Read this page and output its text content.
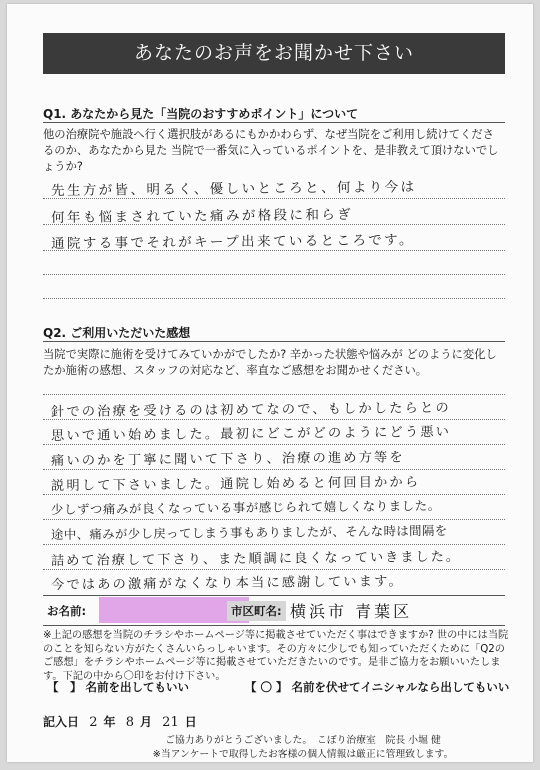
あなたのお声をお聞かせ下さい
Q1. あなたから見た「当院のおすすめポイント」について
他の治療院や施設へ行く選択肢があるにもかかわらず、なぜ当院をご利用し続けてくださるのか、あなたから見た 当院で一番気に入っているポイントを、是非教えて頂けないでしょうか?
先生方が皆、明るく、優しいところと、何より今は
何年も悩まされていた痛みが格段に和らぎ
通院する事でそれがキープ出来ているところです。
Q2. ご利用いただいた感想
当院で実際に施術を受けてみていかがでしたか? 辛かった状態や悩みが どのように変化したか施術の感想、スタッフの対応など、率直なご感想をお聞かせください。
針での治療を受けるのは初めてなので、もしかしたらとの
思いで通い始めました。最初にどこがどのようにどう悪い
痛いのかを丁寧に聞いて下さり、治療の進め方等を
説明して下さいました。通院し始めると何回目かから
少しずつ痛みが良くなっている事が感じられて嬉しくなりました。
途中、痛みが少し戻ってしまう事もありましたが、そんな時は間隔を
詰めて治療して下さり、また順調に良くなっていきました。
今ではあの激痛がなくなり本当に感謝しています。
お名前:	市区町名: 横浜市 青葉区
※上記の感想を当院のチラシやホームページ等に掲載させていただく事はできますか? 世の中には当院のことを知らない方がたくさんいらっしゃいます。その方々に少しでも知っていただくために「Q2のご感想」をチラシやホームページ等に掲載させていただきたいのです。是非ご協力をお願いいたします。下記の中から〇印をお付け下さい。
【　】 名前を出してもいい	【 〇 】 名前を伏せてイニシャルなら出してもいい
記入日 2 年 8 月 21 日
ご協力ありがとうございました。　こぼり治療室　院長 小堀 健
※当アンケートで取得したお客様の個人情報は厳正に管理致します。
